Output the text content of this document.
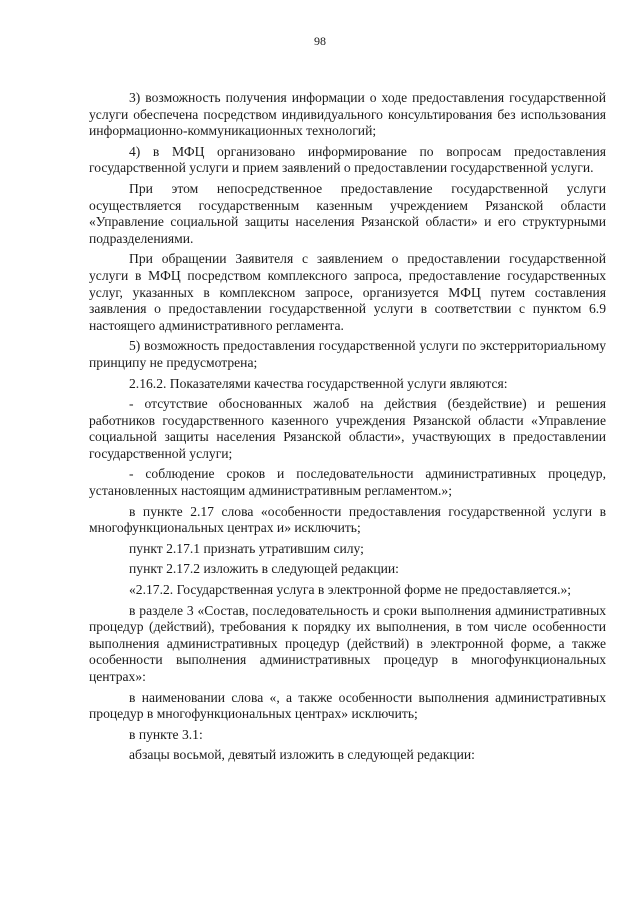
98

3) возможность получения информации о ходе предоставления государственной услуги обеспечена посредством индивидуального консультирования без использования информационно-коммуникационных технологий;

4) в МФЦ организовано информирование по вопросам предоставления государственной услуги и прием заявлений о предоставлении государственной услуги.

При этом непосредственное предоставление государственной услуги осуществляется государственным казенным учреждением Рязанской области «Управление социальной защиты населения Рязанской области» и его структурными подразделениями.

При обращении Заявителя с заявлением о предоставлении государственной услуги в МФЦ посредством комплексного запроса, предоставление государственных услуг, указанных в комплексном запросе, организуется МФЦ путем составления заявления о предоставлении государственной услуги в соответствии с пунктом 6.9 настоящего административного регламента.

5) возможность предоставления государственной услуги по экстерриториальному принципу не предусмотрена;

2.16.2. Показателями качества государственной услуги являются:

- отсутствие обоснованных жалоб на действия (бездействие) и решения работников государственного казенного учреждения Рязанской области «Управление социальной защиты населения Рязанской области», участвующих в предоставлении государственной услуги;

- соблюдение сроков и последовательности административных процедур, установленных настоящим административным регламентом.»;

в пункте 2.17 слова «особенности предоставления государственной услуги в многофункциональных центрах и» исключить;

пункт 2.17.1 признать утратившим силу;

пункт 2.17.2 изложить в следующей редакции:

«2.17.2. Государственная услуга в электронной форме не предоставляется.»;

в разделе 3 «Состав, последовательность и сроки выполнения административных процедур (действий), требования к порядку их выполнения, в том числе особенности выполнения административных процедур (действий) в электронной форме, а также особенности выполнения административных процедур в многофункциональных центрах»:

в наименовании слова «, а также особенности выполнения административных процедур в многофункциональных центрах» исключить;

в пункте 3.1:

абзацы восьмой, девятый изложить в следующей редакции:
